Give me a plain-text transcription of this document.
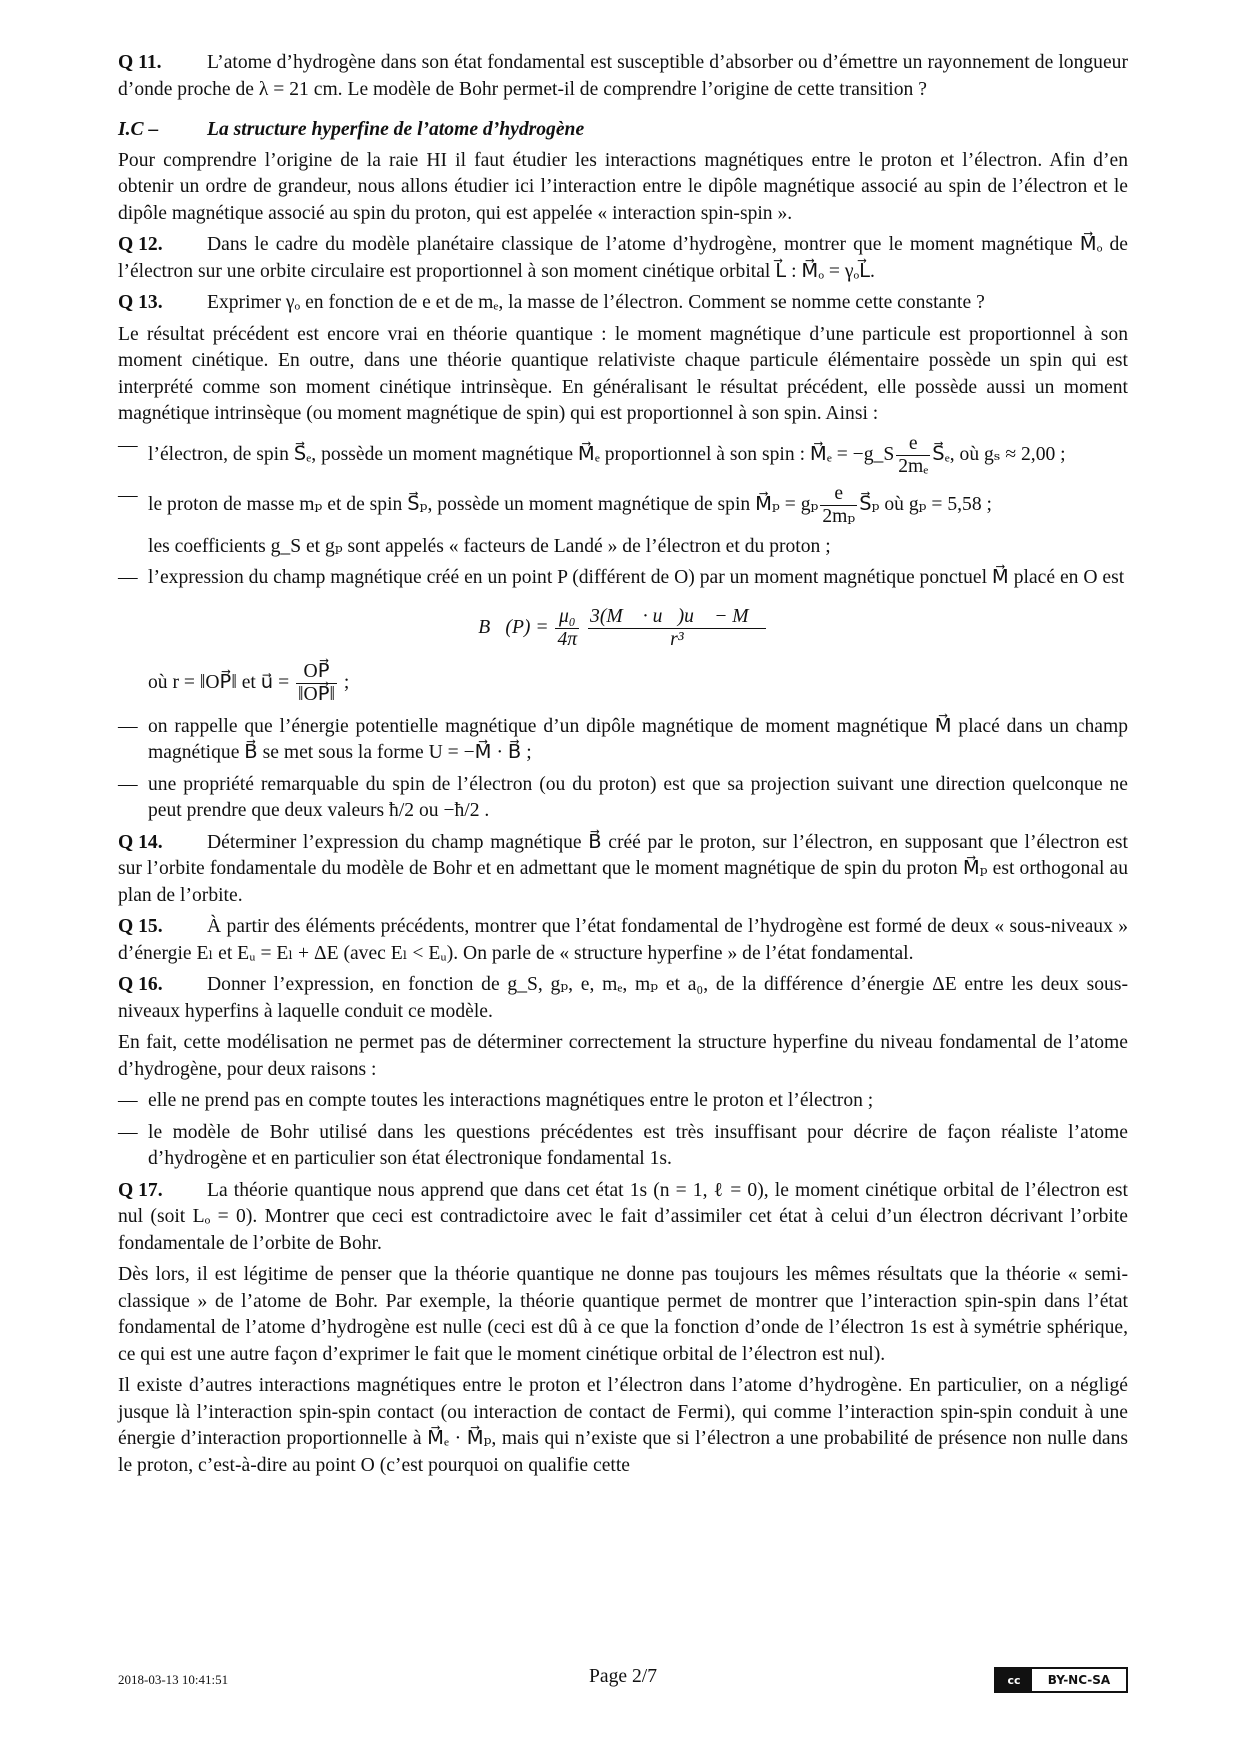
Q 11. L’atome d’hydrogène dans son état fondamental est susceptible d’absorber ou d’émettre un rayonnement de longueur d’onde proche de λ = 21 cm. Le modèle de Bohr permet-il de comprendre l’origine de cette transition ?

I.C – La structure hyperfine de l’atome d’hydrogène

Pour comprendre l’origine de la raie HI il faut étudier les interactions magnétiques entre le proton et l’électron. Afin d’en obtenir un ordre de grandeur, nous allons étudier ici l’interaction entre le dipôle magnétique associé au spin de l’électron et le dipôle magnétique associé au spin du proton, qui est appelée « interaction spin-spin ».

Q 12. Dans le cadre du modèle planétaire classique de l’atome d’hydrogène, montrer que le moment magnétique M⃗ₒ de l’électron sur une orbite circulaire est proportionnel à son moment cinétique orbital L⃗ : M⃗ₒ = γₒL⃗.

Q 13. Exprimer γₒ en fonction de e et de mₑ, la masse de l’électron. Comment se nomme cette constante ?

Le résultat précédent est encore vrai en théorie quantique : le moment magnétique d’une particule est proportionnel à son moment cinétique. En outre, dans une théorie quantique relativiste chaque particule élémentaire possède un spin qui est interprété comme son moment cinétique intrinsèque. En généralisant le résultat précédent, elle possède aussi un moment magnétique intrinsèque (ou moment magnétique de spin) qui est proportionnel à son spin. Ainsi :

— l’électron, de spin S⃗ₑ, possède un moment magnétique M⃗ₑ proportionnel à son spin : M⃗ₑ = −g_S $\frac{e}{\text{2mₑ}}$ S⃗ₑ, où gₛ ≈ 2,00 ;
— le proton de masse mₚ et de spin S⃗ₚ, possède un moment magnétique de spin M⃗ₚ = gₚ $\frac{e}{\text{2mₚ}}$ S⃗ₚ où gₚ = 5,58 ;
les coefficients g_S et gₚ sont appelés « facteurs de Landé » de l’électron et du proton ;
— l’expression du champ magnétique créé en un point P (différent de O) par un moment magnétique ponctuel M⃗ placé en O est
B⃗(P) = $\frac{\text{μ₀}}{4\pi}$
$\frac{3(M⃗ \cdot u⃗)u⃗ - M⃗}{\text{r³}}$

où r = ‖OP⃗‖ et u⃗ = $\frac{OP⃗}{‖OP⃗‖}$ ;

— on rappelle que l’énergie potentielle magnétique d’un dipôle magnétique de moment magnétique M⃗ placé dans un champ magnétique B⃗ se met sous la forme U = −M⃗ · B⃗ ;
— une propriété remarquable du spin de l’électron (ou du proton) est que sa projection suivant une direction quelconque ne peut prendre que deux valeurs ħ/2 ou −ħ/2 .

Q 14. Déterminer l’expression du champ magnétique B⃗ créé par le proton, sur l’électron, en supposant que l’électron est sur l’orbite fondamentale du modèle de Bohr et en admettant que le moment magnétique de spin du proton M⃗ₚ est orthogonal au plan de l’orbite.

Q 15. À partir des éléments précédents, montrer que l’état fondamental de l’hydrogène est formé de deux « sous-niveaux » d’énergie Eₗ et Eᵤ = Eₗ + ΔE (avec Eₗ < Eᵤ). On parle de « structure hyperfine » de l’état fondamental.

Q 16. Donner l’expression, en fonction de g_S, gₚ, e, mₑ, mₚ et a₀, de la différence d’énergie ΔE entre les deux sous-niveaux hyperfins à laquelle conduit ce modèle.

En fait, cette modélisation ne permet pas de déterminer correctement la structure hyperfine du niveau fondamental de l’atome d’hydrogène, pour deux raisons :

— elle ne prend pas en compte toutes les interactions magnétiques entre le proton et l’électron ;
— le modèle de Bohr utilisé dans les questions précédentes est très insuffisant pour décrire de façon réaliste l’atome d’hydrogène et en particulier son état électronique fondamental 1s.

Q 17. La théorie quantique nous apprend que dans cet état 1s (n = 1, ℓ = 0), le moment cinétique orbital de l’électron est nul (soit Lₒ = 0). Montrer que ceci est contradictoire avec le fait d’assimiler cet état à celui d’un électron décrivant l’orbite fondamentale de l’orbite de Bohr.

Dès lors, il est légitime de penser que la théorie quantique ne donne pas toujours les mêmes résultats que la théorie « semi-classique » de l’atome de Bohr. Par exemple, la théorie quantique permet de montrer que l’interaction spin-spin dans l’état fondamental de l’atome d’hydrogène est nulle (ceci est dû à ce que la fonction d’onde de l’électron 1s est à symétrie sphérique, ce qui est une autre façon d’exprimer le fait que le moment cinétique orbital de l’électron est nul).

Il existe d’autres interactions magnétiques entre le proton et l’électron dans l’atome d’hydrogène. En particulier, on a négligé jusque là l’interaction spin-spin contact (ou interaction de contact de Fermi), qui comme l’interaction spin-spin conduit à une énergie d’interaction proportionnelle à M⃗ₑ · M⃗ₚ, mais qui n’existe que si l’électron a une probabilité de présence non nulle dans le proton, c’est-à-dire au point O (c’est pourquoi on qualifie cette

2018-03-13 10:41:51	Page 2/7	cc	BY-NC-SA
